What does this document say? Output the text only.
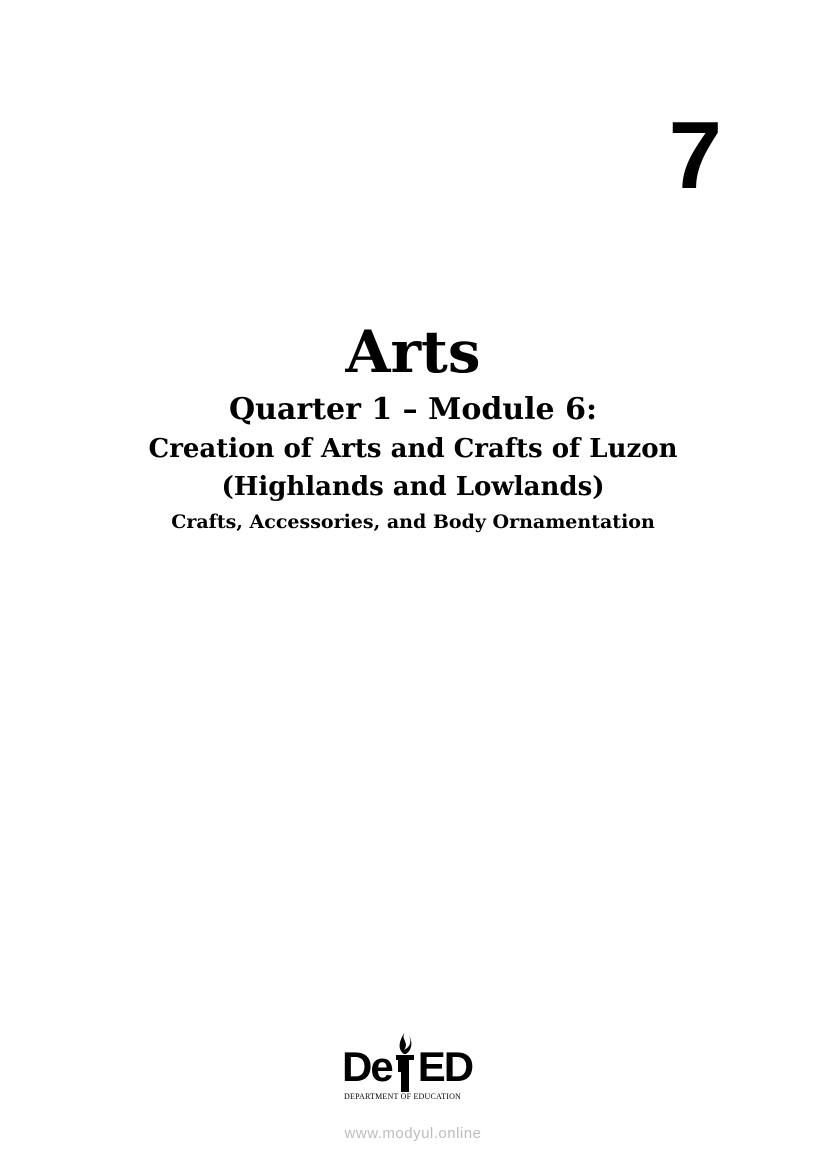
7
Arts
Quarter 1 – Module 6:
Creation of Arts and Crafts of Luzon
(Highlands and Lowlands)
Crafts, Accessories, and Body Ornamentation
De ED
DEPARTMENT OF EDUCATION
www.modyul.online
